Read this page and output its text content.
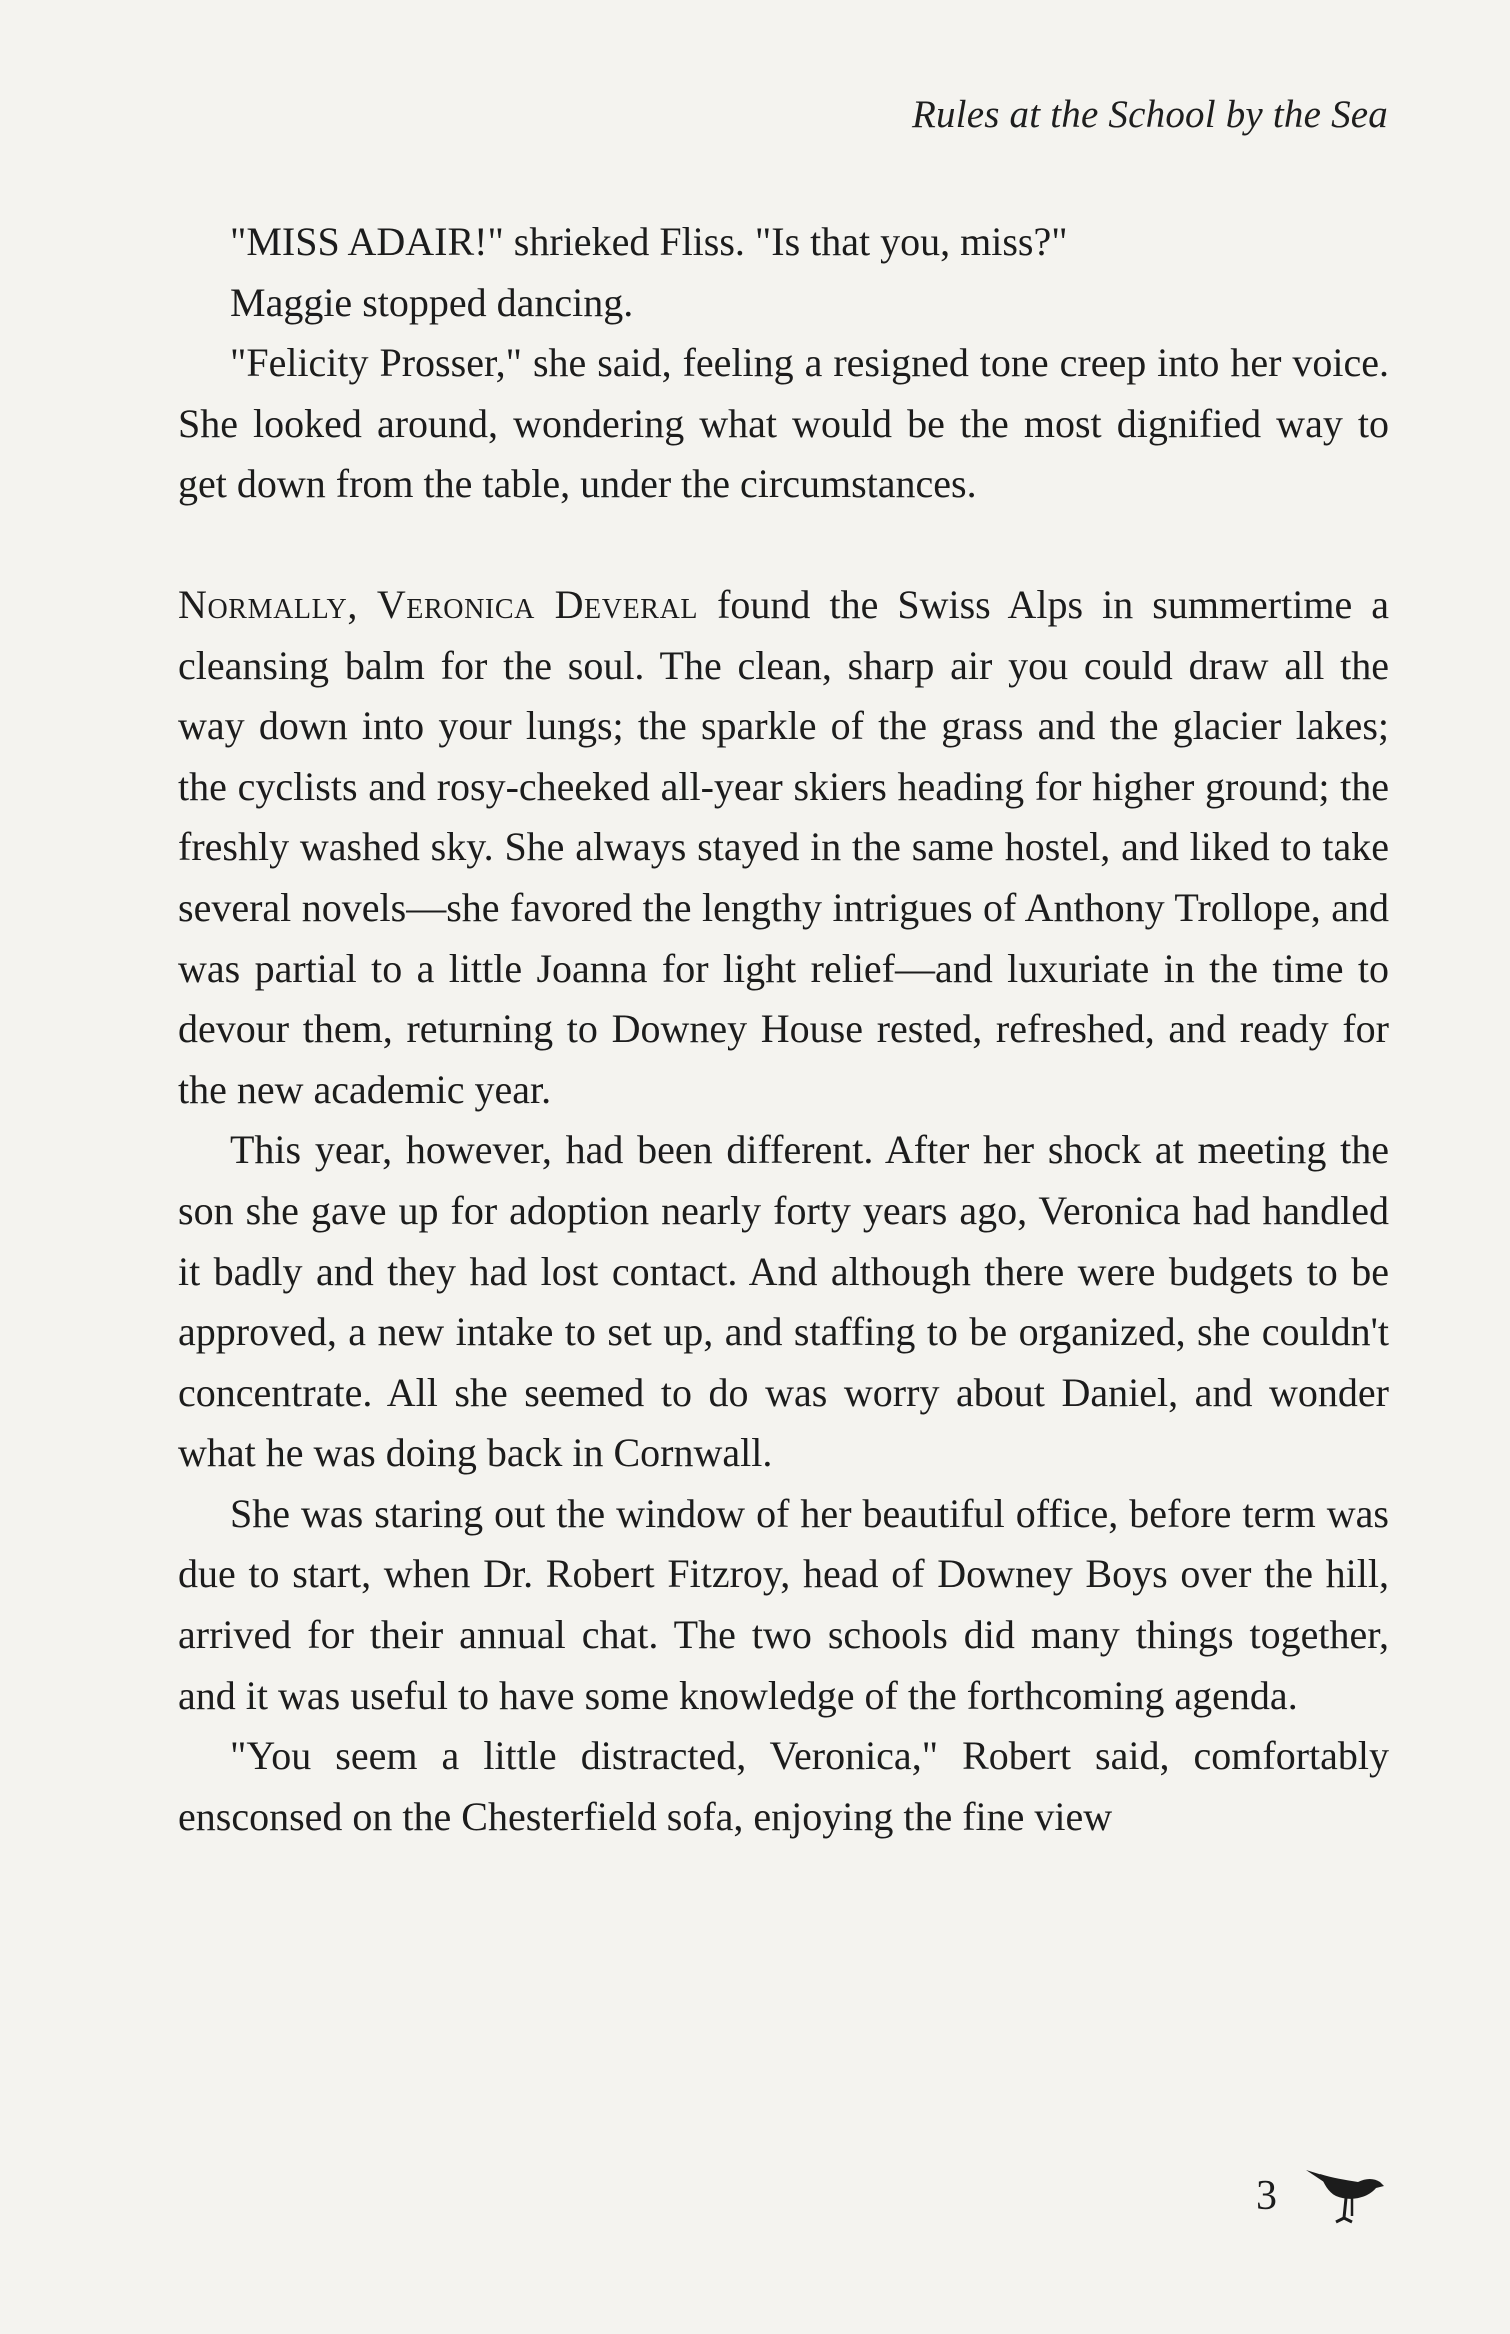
Rules at the School by the Sea

"MISS ADAIR!" shrieked Fliss. "Is that you, miss?"

Maggie stopped dancing.

"Felicity Prosser," she said, feeling a resigned tone creep into her voice. She looked around, wondering what would be the most dignified way to get down from the table, under the circumstances.

Normally, Veronica Deveral found the Swiss Alps in summertime a cleansing balm for the soul. The clean, sharp air you could draw all the way down into your lungs; the sparkle of the grass and the glacier lakes; the cyclists and rosy-cheeked all-year skiers heading for higher ground; the freshly washed sky. She always stayed in the same hostel, and liked to take several novels—she favored the lengthy intrigues of Anthony Trollope, and was partial to a little Joanna for light relief—and luxuriate in the time to devour them, returning to Downey House rested, refreshed, and ready for the new academic year.

This year, however, had been different. After her shock at meeting the son she gave up for adoption nearly forty years ago, Veronica had handled it badly and they had lost contact. And although there were budgets to be approved, a new intake to set up, and staffing to be organized, she couldn't concentrate. All she seemed to do was worry about Daniel, and wonder what he was doing back in Cornwall.

She was staring out the window of her beautiful office, before term was due to start, when Dr. Robert Fitzroy, head of Downey Boys over the hill, arrived for their annual chat. The two schools did many things together, and it was useful to have some knowledge of the forthcoming agenda.

"You seem a little distracted, Veronica," Robert said, comfortably ensconsed on the Chesterfield sofa, enjoying the fine view

3
